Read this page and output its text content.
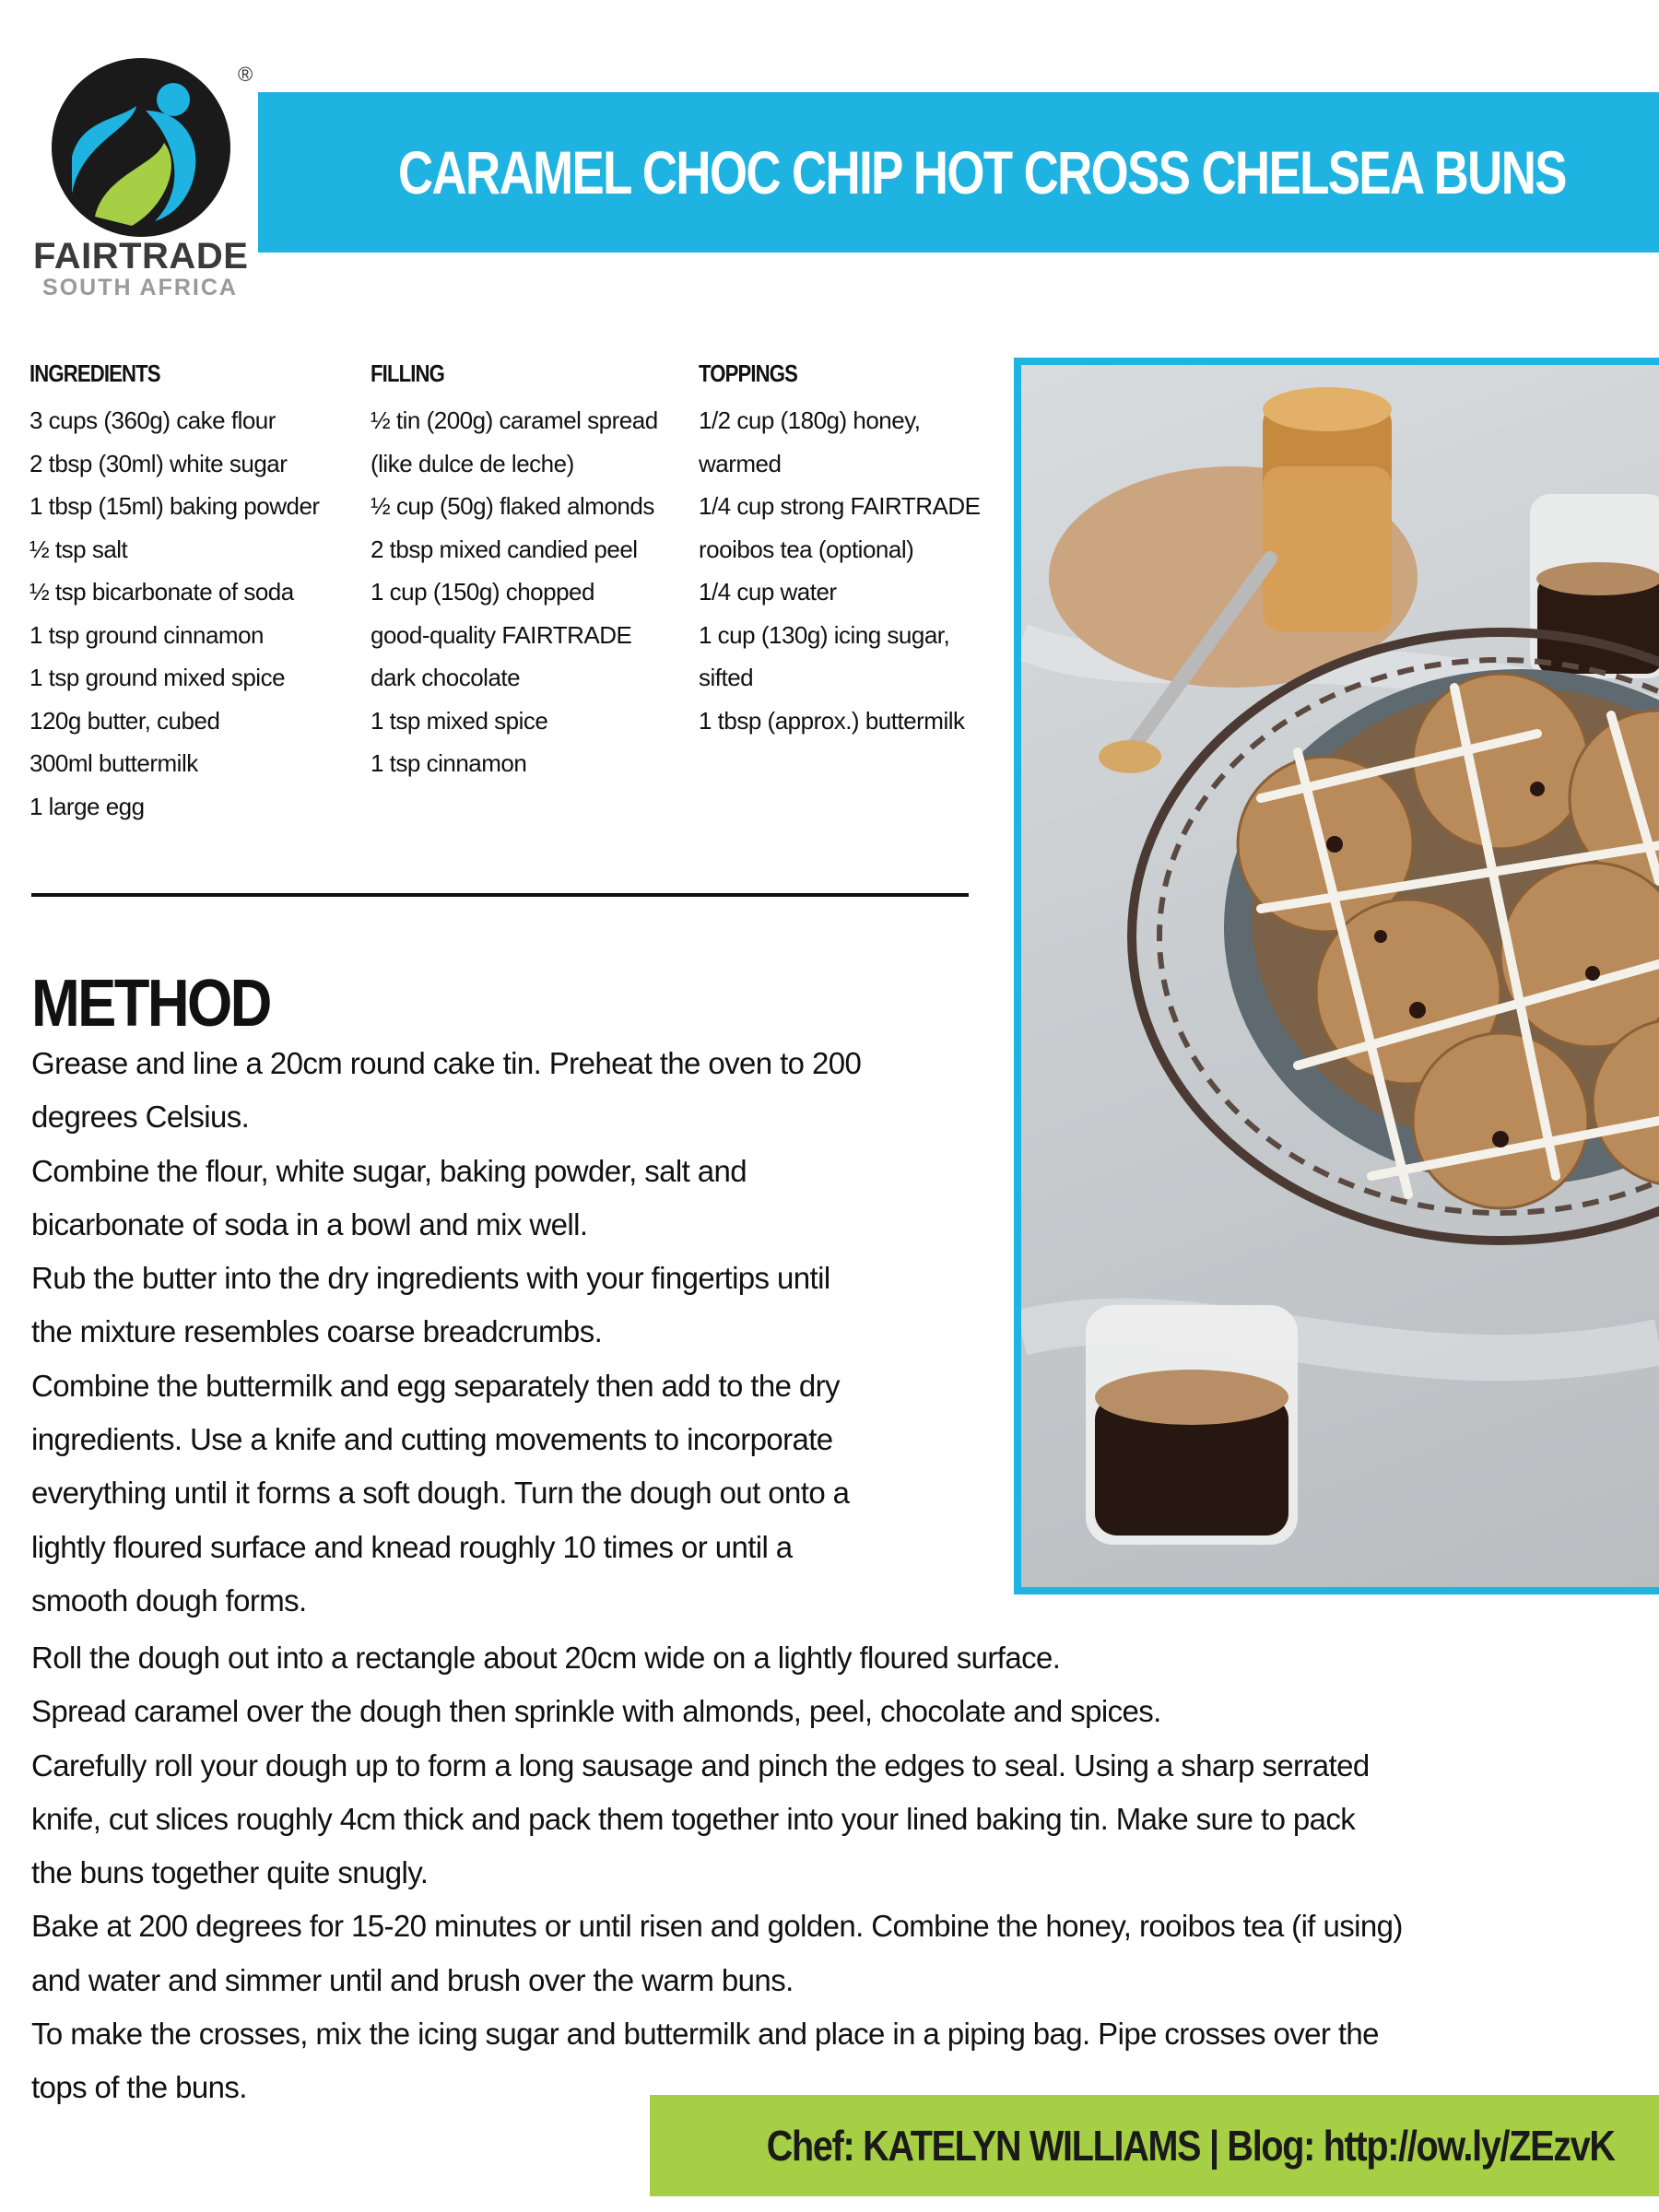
®
FAIRTRADE
SOUTH AFRICA
CARAMEL CHOC CHIP HOT CROSS CHELSEA BUNS
INGREDIENTS
3 cups (360g) cake flour
2 tbsp (30ml) white sugar
1 tbsp (15ml) baking powder
½ tsp salt
½ tsp bicarbonate of soda
1 tsp ground cinnamon
1 tsp ground mixed spice
120g butter, cubed
300ml buttermilk
1 large egg
FILLING
½ tin (200g) caramel spread
(like dulce de leche)
½ cup (50g) flaked almonds
2 tbsp mixed candied peel
1 cup (150g) chopped
good-quality FAIRTRADE
dark chocolate
1 tsp mixed spice
1 tsp cinnamon
TOPPINGS
1/2 cup (180g) honey,
warmed
1/4 cup strong FAIRTRADE
rooibos tea (optional)
1/4 cup water
1 cup (130g) icing sugar,
sifted
1 tbsp (approx.) buttermilk
METHOD

Grease and line a 20cm round cake tin. Preheat the oven to 200

degrees Celsius.

Combine the flour, white sugar, baking powder, salt and

bicarbonate of soda in a bowl and mix well.

Rub the butter into the dry ingredients with your fingertips until

the mixture resembles coarse breadcrumbs.

Combine the buttermilk and egg separately then add to the dry

ingredients. Use a knife and cutting movements to incorporate

everything until it forms a soft dough. Turn the dough out onto a

lightly floured surface and knead roughly 10 times or until a

smooth dough forms.

Roll the dough out into a rectangle about 20cm wide on a lightly floured surface.

Spread caramel over the dough then sprinkle with almonds, peel, chocolate and spices.

Carefully roll your dough up to form a long sausage and pinch the edges to seal. Using a sharp serrated

knife, cut slices roughly 4cm thick and pack them together into your lined baking tin. Make sure to pack

the buns together quite snugly.

Bake at 200 degrees for 15-20 minutes or until risen and golden. Combine the honey, rooibos tea (if using)

and water and simmer until and brush over the warm buns.

To make the crosses, mix the icing sugar and buttermilk and place in a piping bag. Pipe crosses over the

tops of the buns.

Chef: KATELYN WILLIAMS | Blog: http://ow.ly/ZEzvK
